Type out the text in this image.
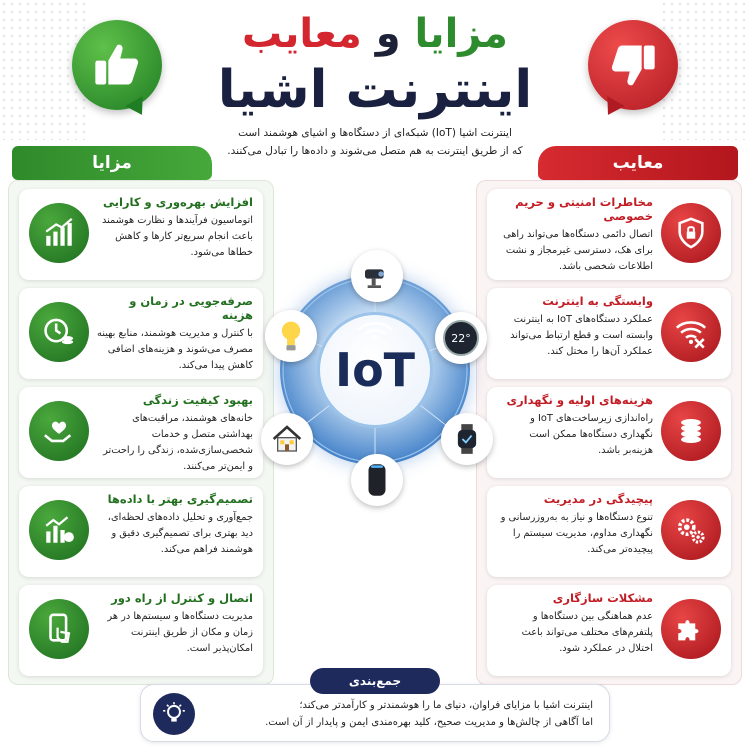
مزایا و معایب
اینترنت اشیا
اینترنت اشیا (IoT) شبکه‌ای از دستگاه‌ها و اشیای هوشمند است
که از طریق اینترنت به هم متصل می‌شوند و داده‌ها را تبادل می‌کنند.
مزایا	معایب
افزایش بهره‌وری و کارایی
اتوماسیون فرآیندها و نظارت هوشمند باعث انجام سریع‌تر کارها و کاهش خطاها می‌شود.
صرفه‌جویی در زمان و هزینه
با کنترل و مدیریت هوشمند، منابع بهینه مصرف می‌شوند و هزینه‌های اضافی کاهش پیدا می‌کند.
بهبود کیفیت زندگی
خانه‌های هوشمند، مراقبت‌های بهداشتی متصل و خدمات شخصی‌سازی‌شده، زندگی را راحت‌تر و ایمن‌تر می‌کنند.
تصمیم‌گیری بهتر با داده‌ها
جمع‌آوری و تحلیل داده‌های لحظه‌ای، دید بهتری برای تصمیم‌گیری دقیق و هوشمند فراهم می‌کند.
اتصال و کنترل از راه دور
مدیریت دستگاه‌ها و سیستم‌ها در هر زمان و مکان از طریق اینترنت امکان‌پذیر است.
مخاطرات امنیتی و حریم خصوصی
اتصال دائمی دستگاه‌ها می‌تواند راهی برای هک، دسترسی غیرمجاز و نشت اطلاعات شخصی باشد.
وابستگی به اینترنت
عملکرد دستگاه‌های IoT به اینترنت وابسته است و قطع ارتباط می‌تواند عملکرد آن‌ها را مختل کند.
هزینه‌های اولیه و نگهداری
راه‌اندازی زیرساخت‌های IoT و نگهداری دستگاه‌ها ممکن است هزینه‌بر باشد.
پیچیدگی در مدیریت
تنوع دستگاه‌ها و نیاز به به‌روزرسانی و نگهداری مداوم، مدیریت سیستم را پیچیده‌تر می‌کند.
مشکلات سازگاری
عدم هماهنگی بین دستگاه‌ها و پلتفرم‌های مختلف می‌تواند باعث اختلال در عملکرد شود.
IoT
22°
اینترنت اشیا با مزایای فراوان، دنیای ما را هوشمندتر و کارآمدتر می‌کند؛
اما آگاهی از چالش‌ها و مدیریت صحیح، کلید بهره‌مندی ایمن و پایدار از آن است.
جمع‌بندی
